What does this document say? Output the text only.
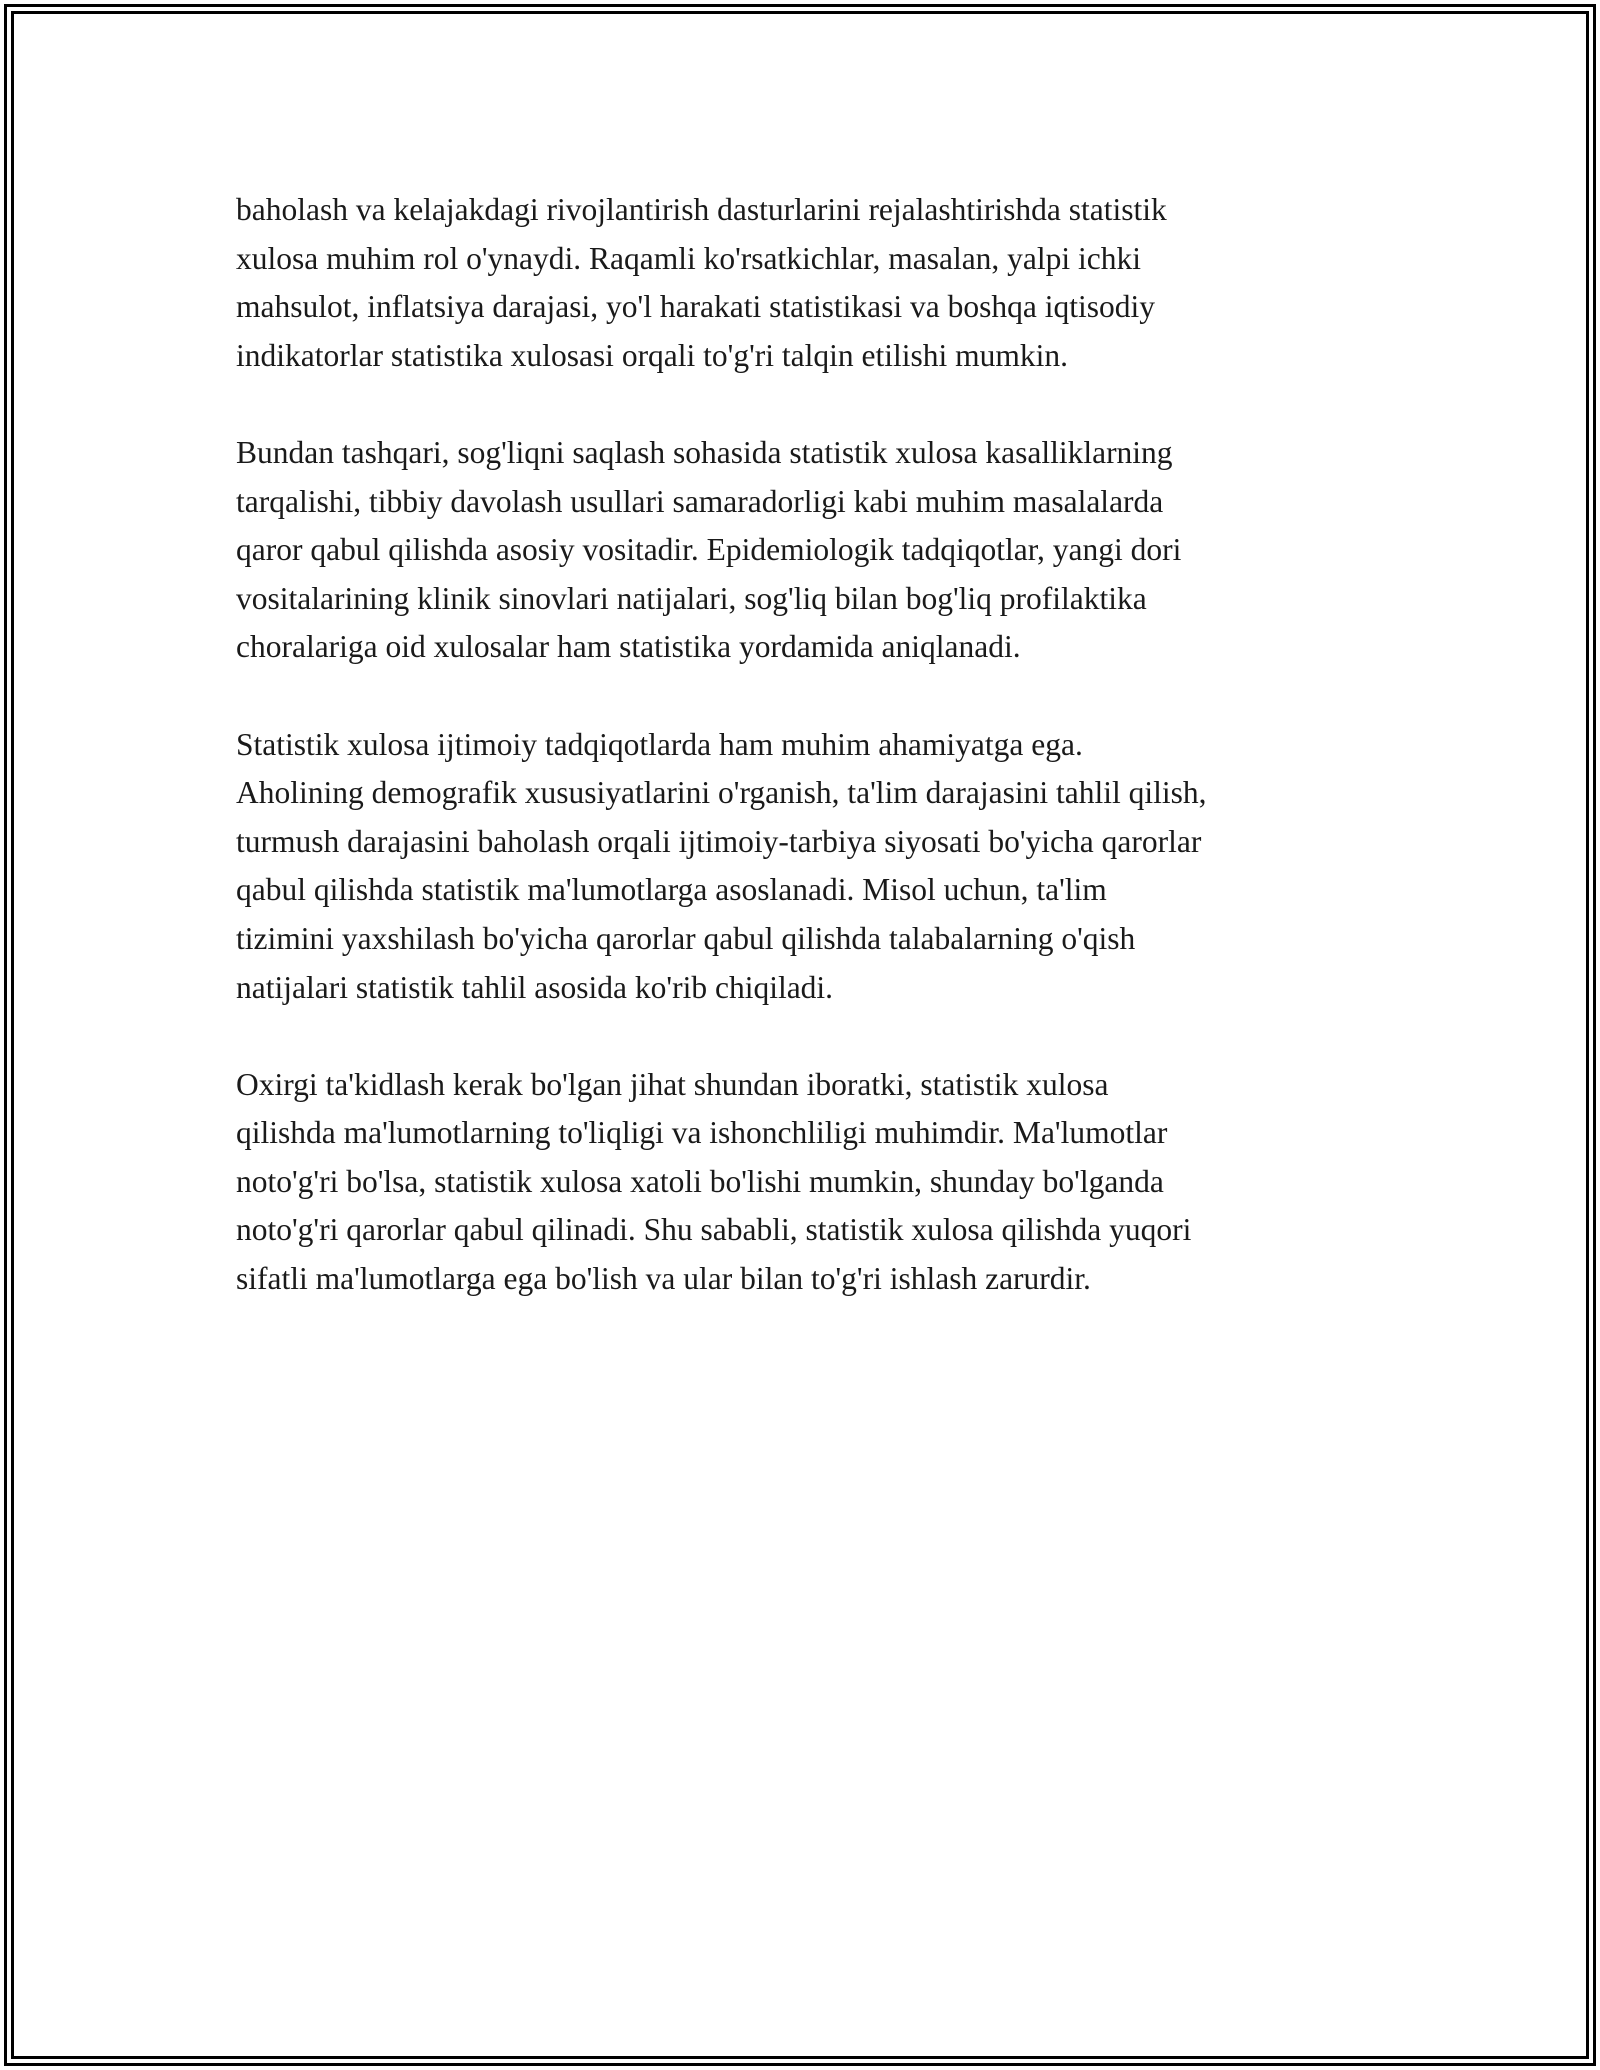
baholash va kelajakdagi rivojlantirish dasturlarini rejalashtirishda statistik
xulosa muhim rol o'ynaydi. Raqamli ko'rsatkichlar, masalan, yalpi ichki
mahsulot, inflatsiya darajasi, yo'l harakati statistikasi va boshqa iqtisodiy
indikatorlar statistika xulosasi orqali to'g'ri talqin etilishi mumkin.

Bundan tashqari, sog'liqni saqlash sohasida statistik xulosa kasalliklarning
tarqalishi, tibbiy davolash usullari samaradorligi kabi muhim masalalarda
qaror qabul qilishda asosiy vositadir. Epidemiologik tadqiqotlar, yangi dori
vositalarining klinik sinovlari natijalari, sog'liq bilan bog'liq profilaktika
choralariga oid xulosalar ham statistika yordamida aniqlanadi.

Statistik xulosa ijtimoiy tadqiqotlarda ham muhim ahamiyatga ega.
Aholining demografik xususiyatlarini o'rganish, ta'lim darajasini tahlil qilish,
turmush darajasini baholash orqali ijtimoiy-tarbiya siyosati bo'yicha qarorlar
qabul qilishda statistik ma'lumotlarga asoslanadi. Misol uchun, ta'lim
tizimini yaxshilash bo'yicha qarorlar qabul qilishda talabalarning o'qish
natijalari statistik tahlil asosida ko'rib chiqiladi.

Oxirgi ta'kidlash kerak bo'lgan jihat shundan iboratki, statistik xulosa
qilishda ma'lumotlarning to'liqligi va ishonchliligi muhimdir. Ma'lumotlar
noto'g'ri bo'lsa, statistik xulosa xatoli bo'lishi mumkin, shunday bo'lganda
noto'g'ri qarorlar qabul qilinadi. Shu sababli, statistik xulosa qilishda yuqori
sifatli ma'lumotlarga ega bo'lish va ular bilan to'g'ri ishlash zarurdir.
